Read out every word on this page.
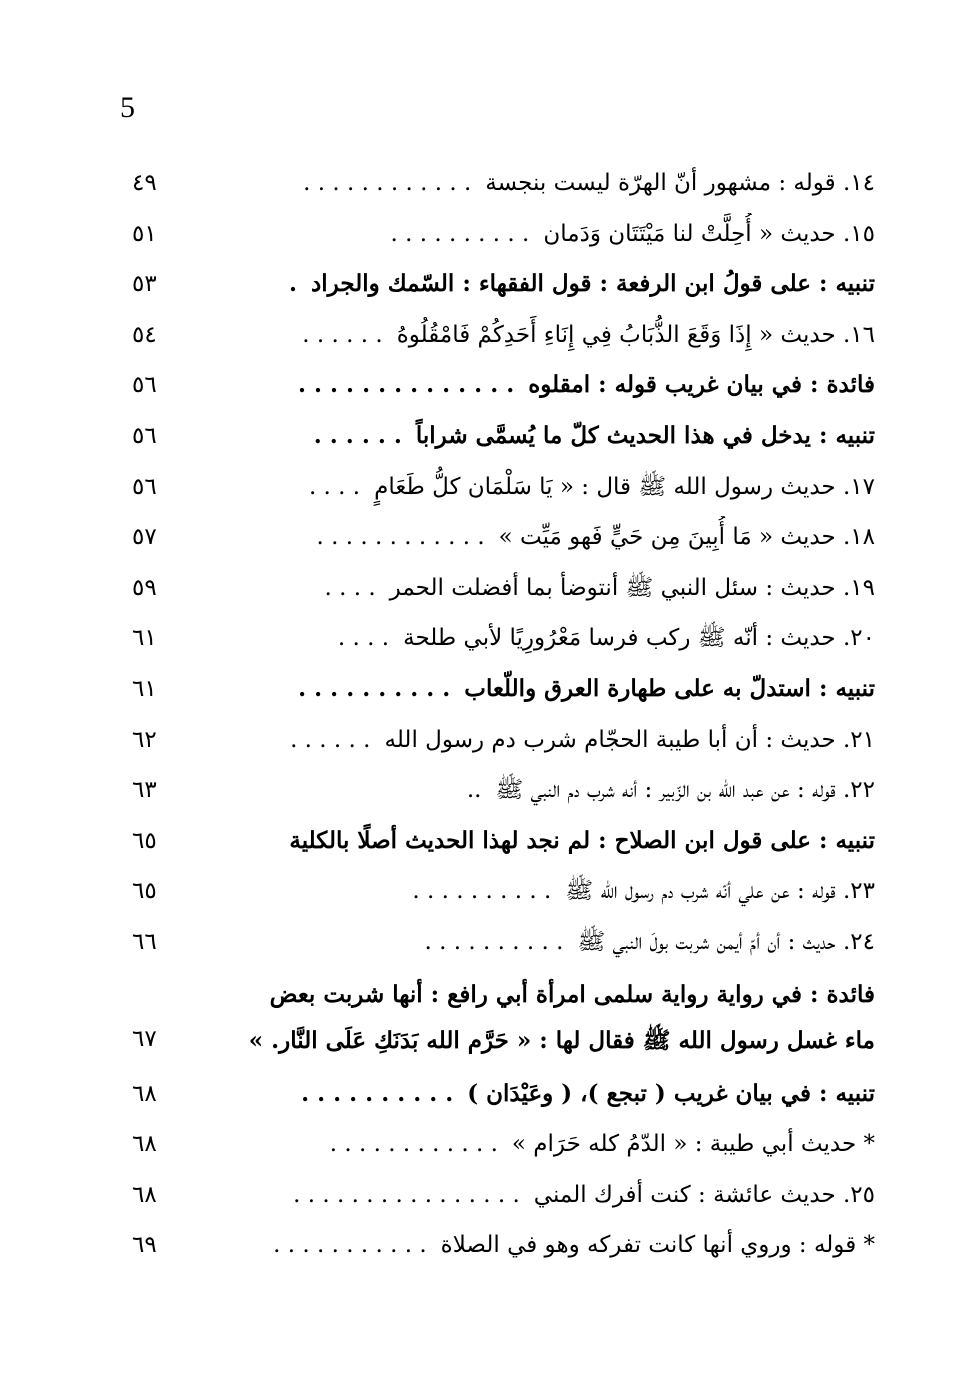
5
١٤. قوله : مشهور أنّ الهرّة ليست بنجسة. . . . . . . . . . . .
٤٩
١٥. حديث « أُحِلَّتْ لنا مَيْتَتَان وَدَمان. . . . . . . . . .
٥١
تنبيه : على قولُ ابن الرفعة : قول الفقهاء : السّمك والجراد.
٥٣
١٦. حديث « إِذَا وَقَعَ الذُّبَابُ فِي إِنَاءِ أَحَدِكُمْ فَامْقُلُوهُ. . . . . .
٥٤
فائدة : في بيان غريب قوله : امقلوه. . . . . . . . . . . . . .
٥٦
تنبيه : يدخل في هذا الحديث كلّ ما يُسمَّى شراباً. . . . . .
٥٦
١٧. حديث رسول الله ﷺ قال : « يَا سَلْمَان كلُّ طَعَامٍ. . . .
٥٦
١٨. حديث « مَا أُبِينَ مِن حَيٍّ فَهو مَيِّت ». . . . . . . . . . . .
٥٧
١٩. حديث : سئل النبي ﷺ أنتوضأ بما أفضلت الحمر. . . .
٥٩
٢٠. حديث : أنّه ﷺ ركب فرسا مَعْرُورِيًا لأبي طلحة. . . .
٦١
تنبيه : استدلّ به على طهارة العرق واللّعاب. . . . . . . . . .
٦١
٢١. حديث : أن أبا طيبة الحجّام شرب دم رسول الله. . . . . .
٦٢
٢٢. قوله : عن عبد الله بن الزّبير : أنه شرب دم النبي ﷺ..
٦٣
تنبيه : على قول ابن الصلاح : لم نجد لهذا الحديث أصلًا بالكلية
٦٥
٢٣. قوله : عن علي أنّه شرب دم رسول الله ﷺ. . . . . . . . . .
٦٥
٢٤. حديث : أن أمّ أيمن شربت بولَ النبي ﷺ. . . . . . . . . .
٦٦
فائدة : في رواية رواية سلمى امرأة أبي رافع : أنها شربت بعض ماء غسل رسول الله ﷺ فقال لها : « حَرَّم الله بَدَنَكِ عَلَى النَّار. »
٦٧
تنبيه : في بيان غريب ( تبجع )، ( وعَيْدَان ). . . . . . . . . .
٦٨
* حديث أبي طيبة : « الدّمُ كله حَرَام ». . . . . . . . . . . .
٦٨
٢٥. حديث عائشة : كنت أفرك المني. . . . . . . . . . . . . . . .
٦٨
* قوله : وروي أنها كانت تفركه وهو في الصلاة. . . . . . . . . . .
٦٩
